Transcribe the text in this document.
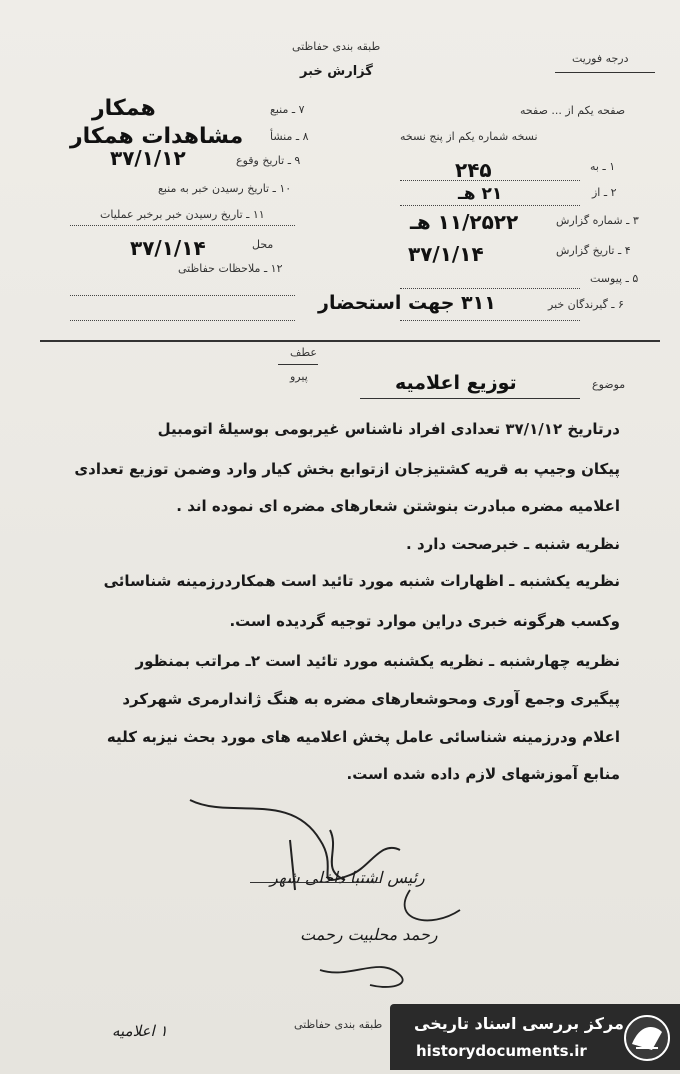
طبقه بندی حفاظتی
گزارش خبر
درجه فوریت
۷ ـ منبع
همکار
۸ ـ منشأ
مشاهدات همکار
۹ ـ تاریخ وقوع
۳۷/۱/۱۲
۱۰ ـ تاریخ رسیدن خبر به منبع
۱۱ ـ تاریخ رسیدن خبر برخبر عملیات
محل
۳۷/۱/۱۴
۱۲ ـ ملاحظات حفاظتی
صفحه یکم از ... صفحه
نسخه شماره یکم از پنج نسخه
۱ ـ به
۲۴۵
۲ ـ از
۲۱ هـ
۳ ـ شماره گزارش
۱۱/۲۵۲۲ هـ
۴ ـ تاریخ گزارش
۳۷/۱/۱۴
۵ ـ پیوست
۶ ـ گیرندگان خبر
۳۱۱ جهت استحضار
عطف
پیرو
موضوع
توزیع اعلامیه
درتاریخ ۳۷/۱/۱۲ تعدادی افراد ناشناس غیربومی بوسیلهٔ اتومبیل
پیکان وجیپ به قریه کشتیزجان ازتوابع بخش کیار وارد وضمن توزیع تعدادی
اعلامیه مضره مبادرت بنوشتن شعارهای مضره ای نموده اند .
نظریه شنبه ـ خبرصحت دارد .
نظریه یکشنبه ـ اظهارات شنبه مورد تائید است همکاردرزمینه شناسائی
وکسب هرگونه خبری دراین موارد توجیه گردیده است.
نظریه چهارشنبه ـ نظریه یکشنبه مورد تائید است ۲ـ مراتب بمنظور
پیگیری وجمع آوری ومحوشعارهای مضره به هنگ ژاندارمری شهرکرد
اعلام ودرزمینه شناسائی عامل پخش اعلامیه های مورد بحث نیزبه کلیه
منابع آموزشهای لازم داده شده است.
رئیس اشتبا داخلی شهر
رحمد محلبیت رحمت
۱ اعلامیه	طبقه بندی حفاظتی مرکز بررسی اسناد تاریخی
historydocuments.ir
